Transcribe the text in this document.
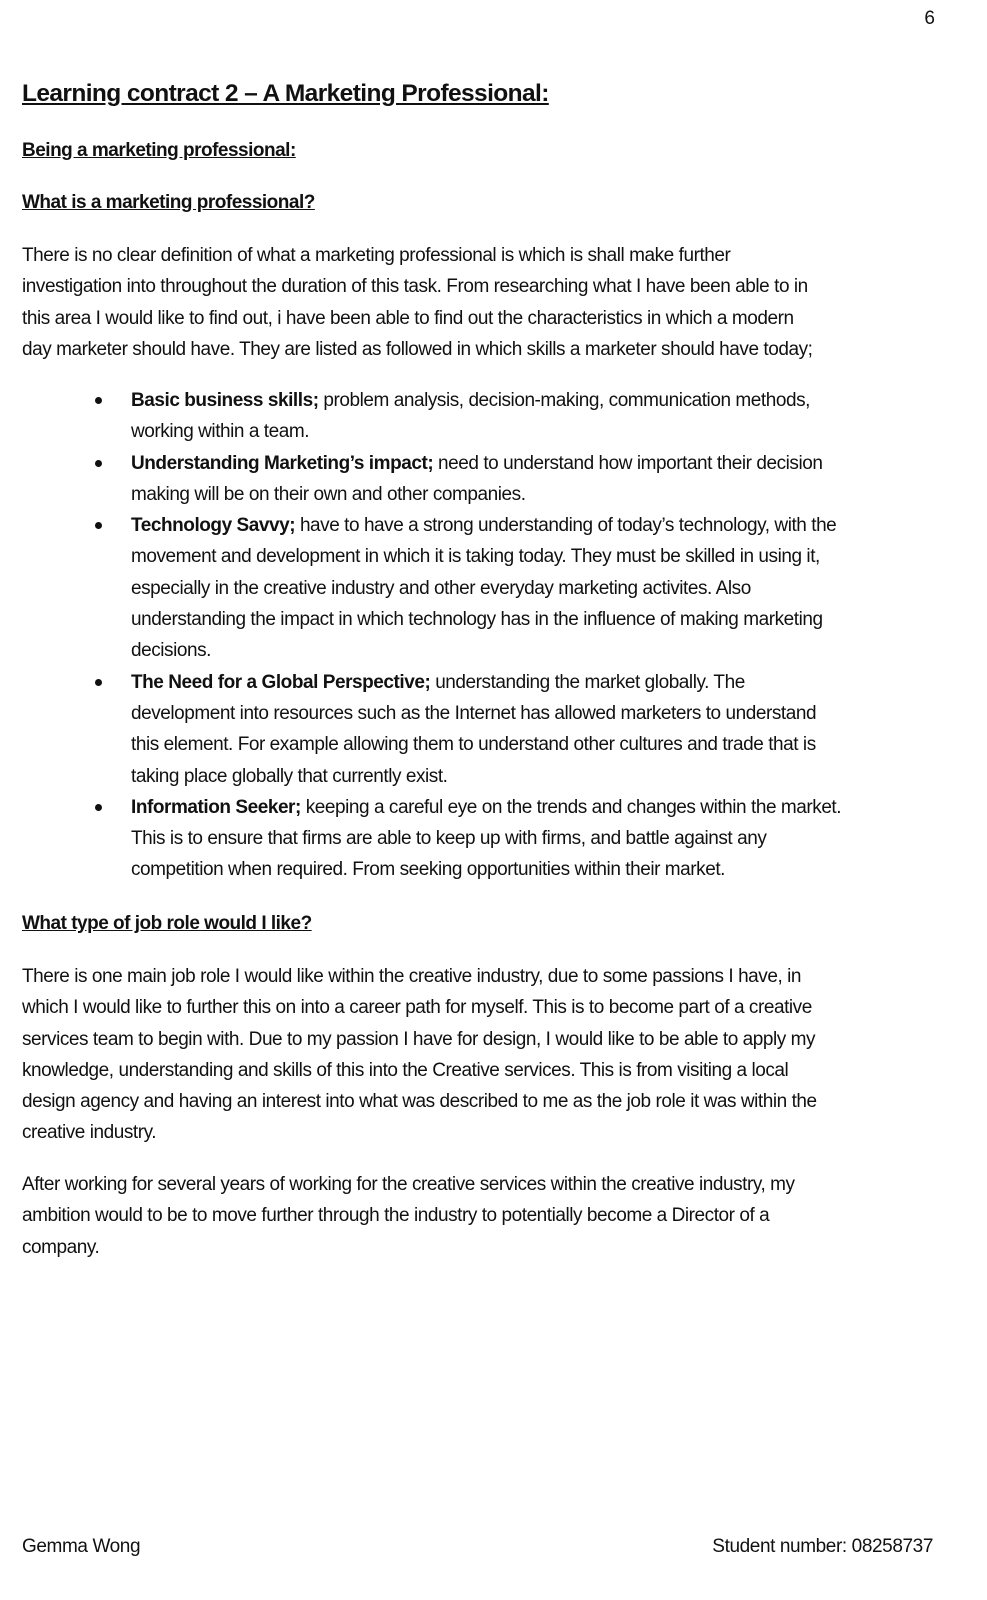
6
Learning contract 2 – A Marketing Professional:
Being a marketing professional:
What is a marketing professional?

There is no clear definition of what a marketing professional is which is shall make further
investigation into throughout the duration of this task. From researching what I have been able to in
this area I would like to find out, i have been able to find out the characteristics in which a modern
day marketer should have. They are listed as followed in which skills a marketer should have today;

Basic business skills; problem analysis, decision-making, communication methods,
working within a team.
Understanding Marketing’s impact; need to understand how important their decision
making will be on their own and other companies.
Technology Savvy; have to have a strong understanding of today’s technology, with the
movement and development in which it is taking today. They must be skilled in using it,
especially in the creative industry and other everyday marketing activites. Also
understanding the impact in which technology has in the influence of making marketing
decisions.
The Need for a Global Perspective; understanding the market globally. The
development into resources such as the Internet has allowed marketers to understand
this element. For example allowing them to understand other cultures and trade that is
taking place globally that currently exist.
Information Seeker; keeping a careful eye on the trends and changes within the market.
This is to ensure that firms are able to keep up with firms, and battle against any
competition when required. From seeking opportunities within their market.
What type of job role would I like?

There is one main job role I would like within the creative industry, due to some passions I have, in
which I would like to further this on into a career path for myself. This is to become part of a creative
services team to begin with. Due to my passion I have for design, I would like to be able to apply my
knowledge, understanding and skills of this into the Creative services. This is from visiting a local
design agency and having an interest into what was described to me as the job role it was within the
creative industry.

After working for several years of working for the creative services within the creative industry, my
ambition would to be to move further through the industry to potentially become a Director of a
company.

Gemma Wong	Student number: 08258737
